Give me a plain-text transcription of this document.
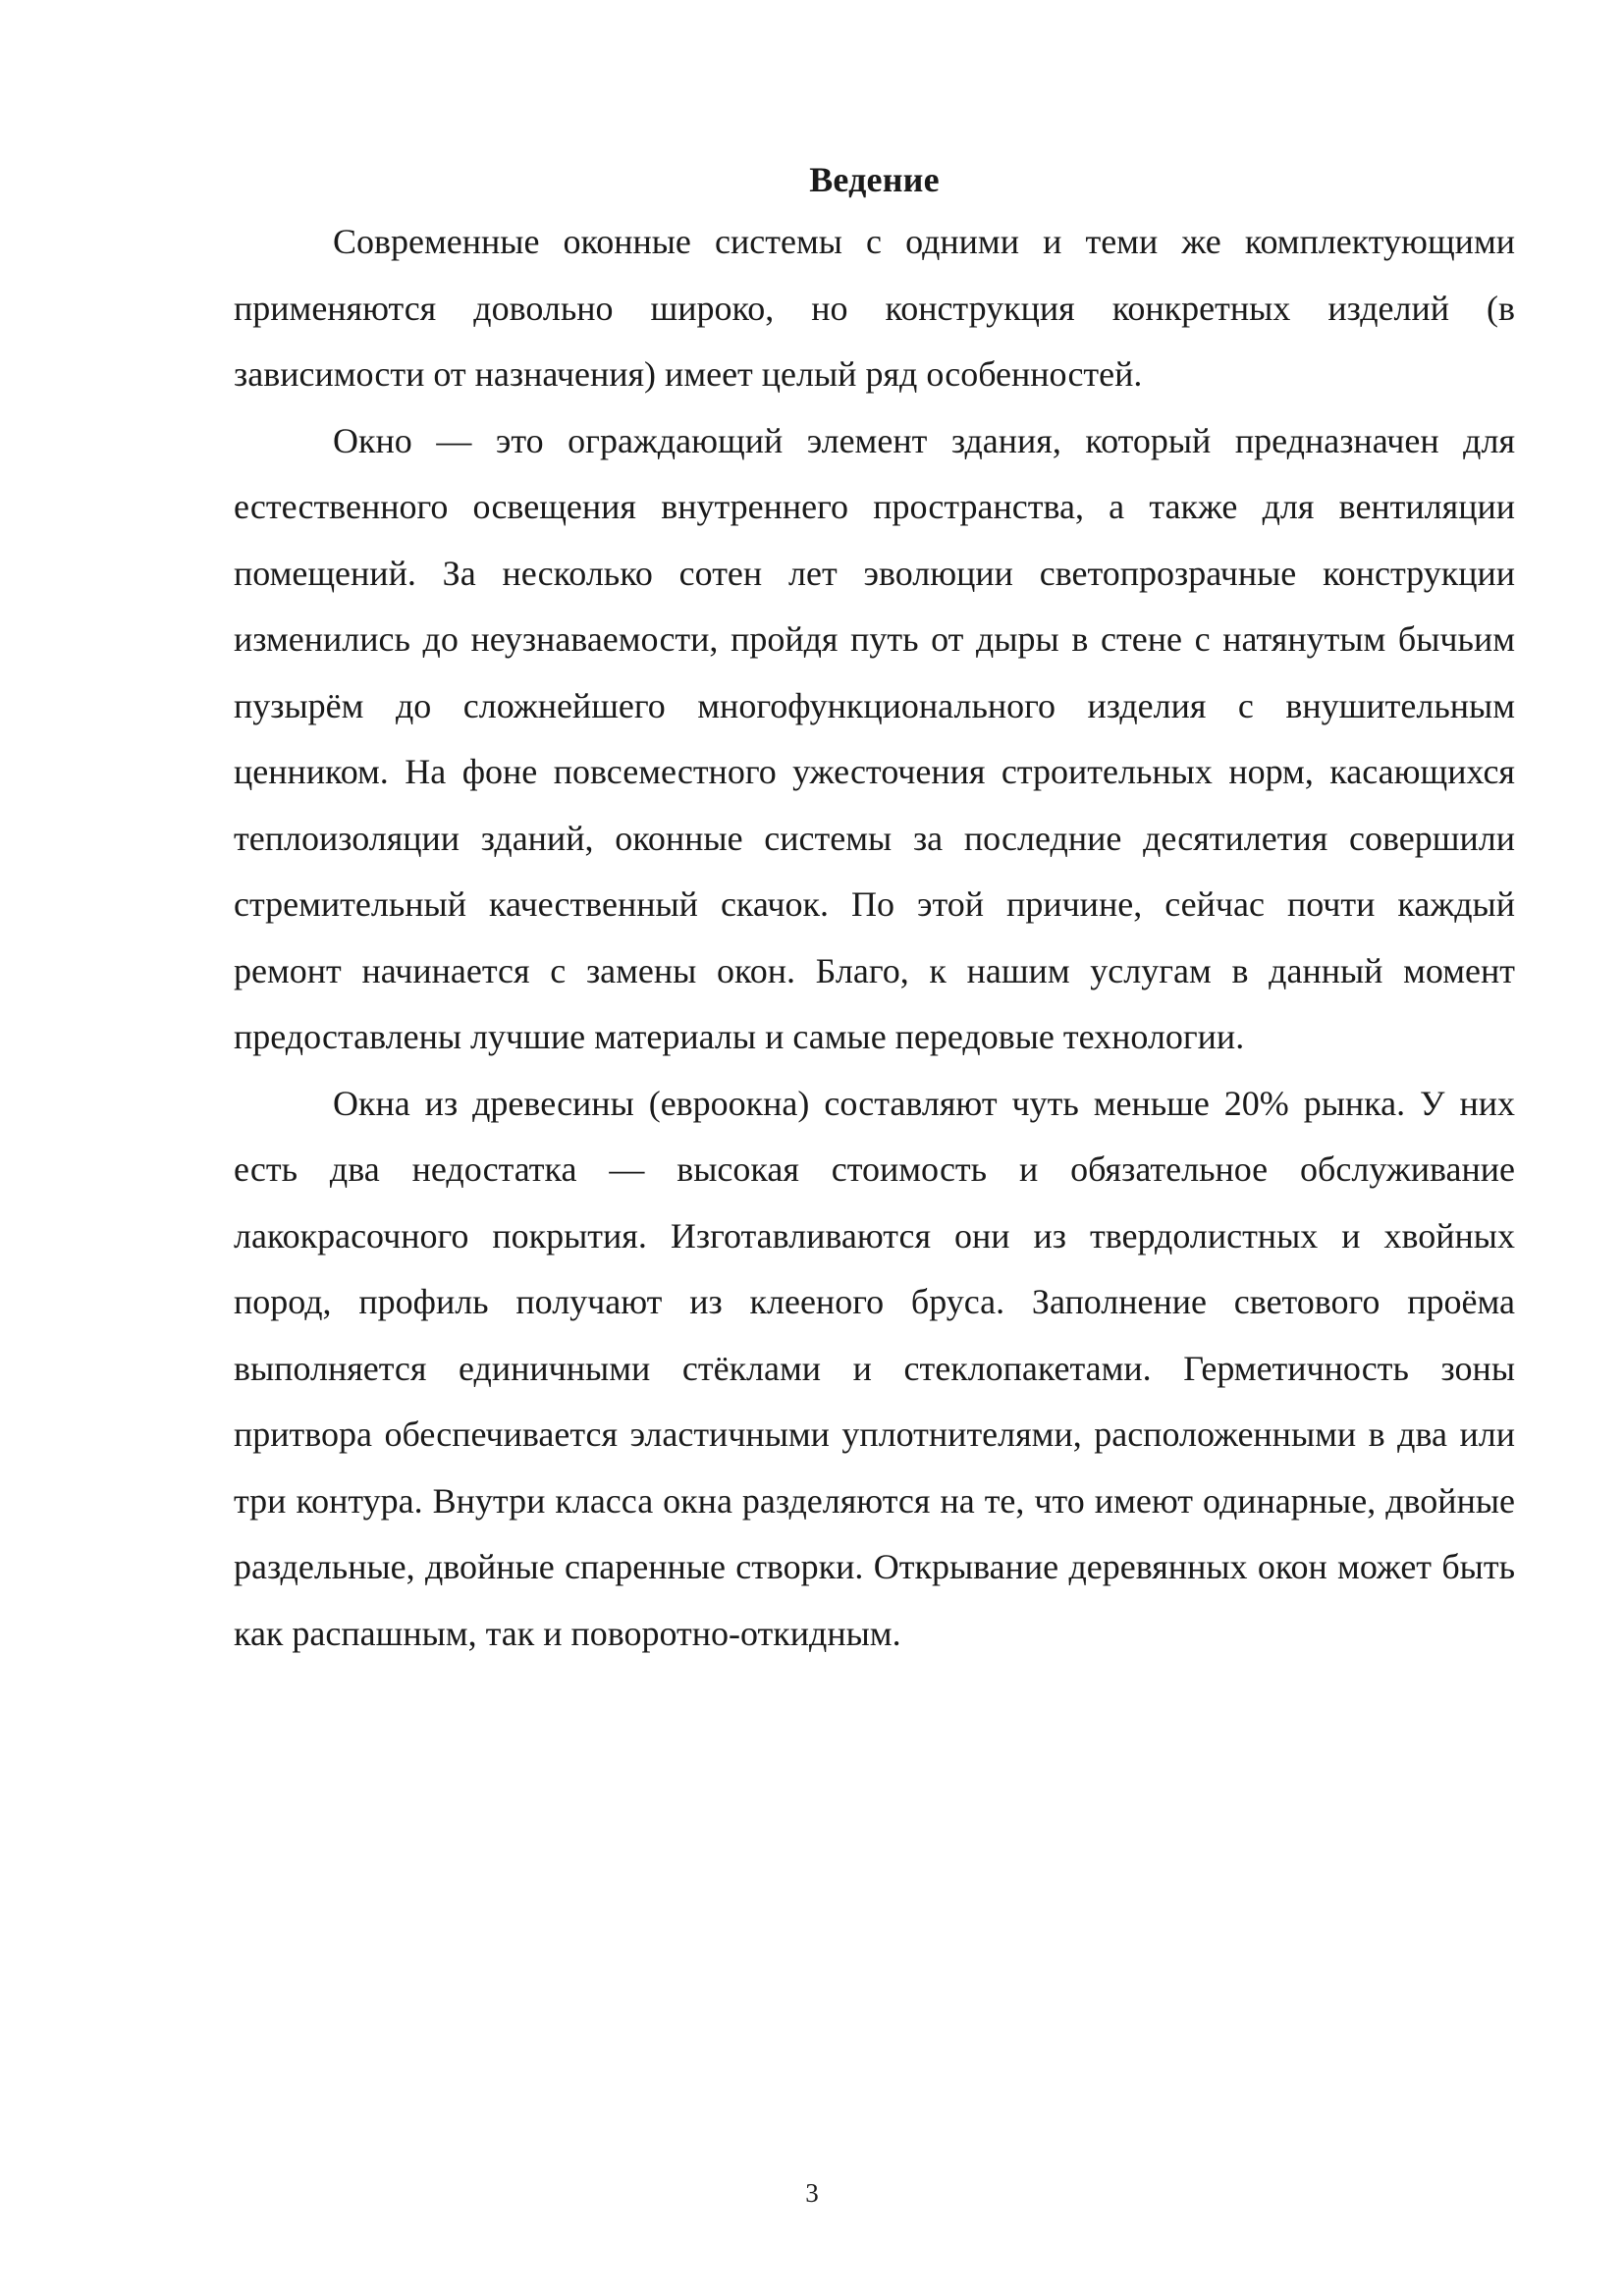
Ведение

Современные оконные системы с одними и теми же комплектующими применяются довольно широко, но конструкция конкретных изделий (в зависимости от назначения) имеет целый ряд особенностей.

Окно — это ограждающий элемент здания, который предназначен для естественного освещения внутреннего пространства, а также для вентиляции помещений. За несколько сотен лет эволюции светопрозрачные конструкции изменились до неузнаваемости, пройдя путь от дыры в стене с натянутым бычьим пузырём до сложнейшего многофункционального изделия с внушительным ценником. На фоне повсеместного ужесточения строительных норм, касающихся теплоизоляции зданий, оконные системы за последние десятилетия совершили стремительный качественный скачок. По этой причине, сейчас почти каждый ремонт начинается с замены окон. Благо, к нашим услугам в данный момент предоставлены лучшие материалы и самые передовые технологии.

Окна из древесины (евроокна) составляют чуть меньше 20% рынка. У них есть два недостатка — высокая стоимость и обязательное обслуживание лакокрасочного покрытия. Изготавливаются они из твердолистных и хвойных пород, профиль получают из клееного бруса. Заполнение светового проёма выполняется единичными стёклами и стеклопакетами. Герметичность зоны притвора обеспечивается эластичными уплотнителями, расположенными в два или три контура. Внутри класса окна разделяются на те, что имеют одинарные, двойные раздельные, двойные спаренные створки. Открывание деревянных окон может быть как распашным, так и поворотно-откидным.

3
